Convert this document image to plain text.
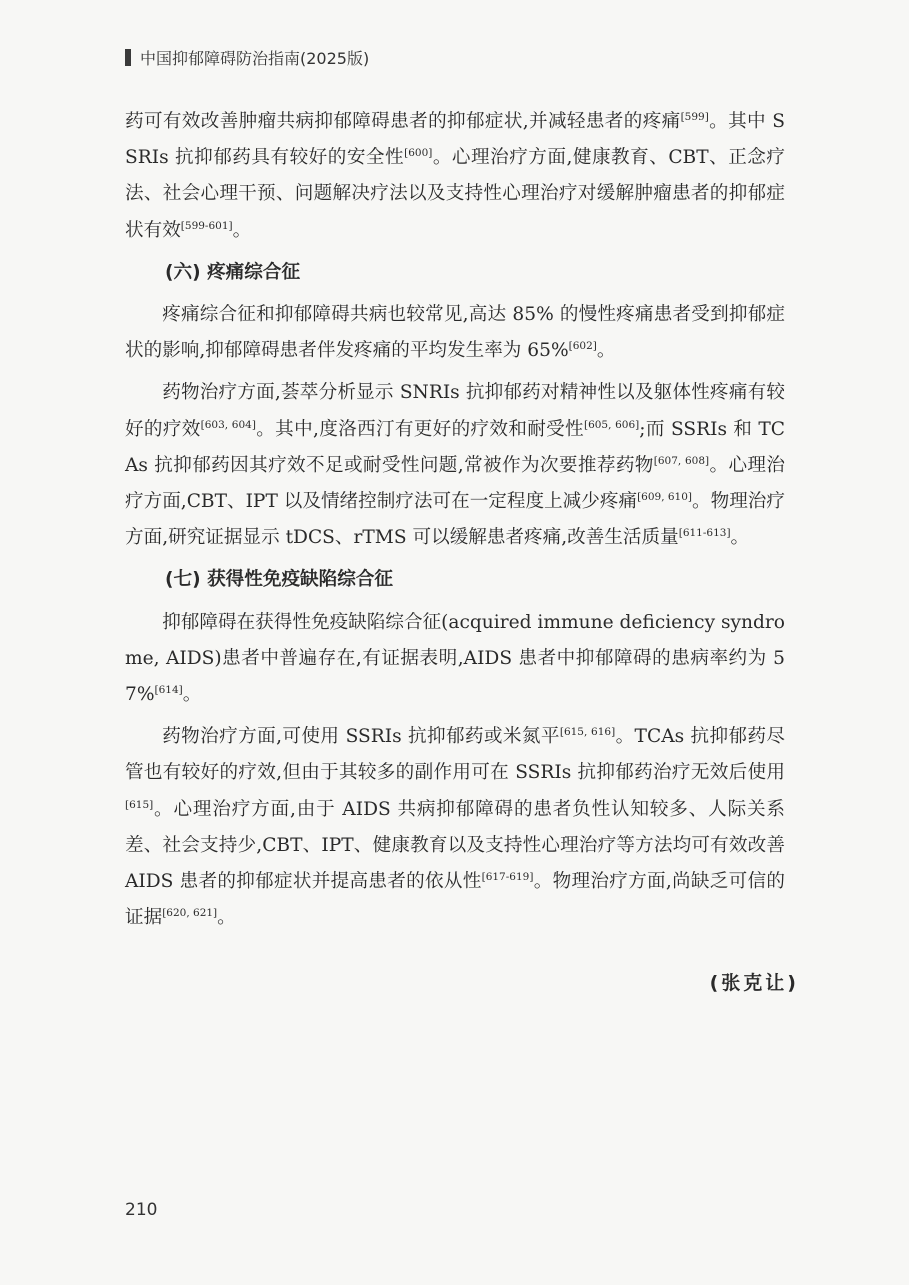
中国抑郁障碍防治指南(2025版)

药可有效改善肿瘤共病抑郁障碍患者的抑郁症状,并减轻患者的疼痛[599]。其中 SSRIs 抗抑郁药具有较好的安全性[600]。心理治疗方面,健康教育、CBT、正念疗法、社会心理干预、问题解决疗法以及支持性心理治疗对缓解肿瘤患者的抑郁症状有效[599-601]。

(六) 疼痛综合征

疼痛综合征和抑郁障碍共病也较常见,高达 85% 的慢性疼痛患者受到抑郁症状的影响,抑郁障碍患者伴发疼痛的平均发生率为 65%[602]。

药物治疗方面,荟萃分析显示 SNRIs 抗抑郁药对精神性以及躯体性疼痛有较好的疗效[603, 604]。其中,度洛西汀有更好的疗效和耐受性[605, 606];而 SSRIs 和 TCAs 抗抑郁药因其疗效不足或耐受性问题,常被作为次要推荐药物[607, 608]。心理治疗方面,CBT、IPT 以及情绪控制疗法可在一定程度上减少疼痛[609, 610]。物理治疗方面,研究证据显示 tDCS、rTMS 可以缓解患者疼痛,改善生活质量[611-613]。

(七) 获得性免疫缺陷综合征

抑郁障碍在获得性免疫缺陷综合征(acquired immune deficiency syndrome, AIDS)患者中普遍存在,有证据表明,AIDS 患者中抑郁障碍的患病率约为 57%[614]。

药物治疗方面,可使用 SSRIs 抗抑郁药或米氮平[615, 616]。TCAs 抗抑郁药尽管也有较好的疗效,但由于其较多的副作用可在 SSRIs 抗抑郁药治疗无效后使用[615]。心理治疗方面,由于 AIDS 共病抑郁障碍的患者负性认知较多、人际关系差、社会支持少,CBT、IPT、健康教育以及支持性心理治疗等方法均可有效改善 AIDS 患者的抑郁症状并提高患者的依从性[617-619]。物理治疗方面,尚缺乏可信的证据[620, 621]。

(张克让)
210
